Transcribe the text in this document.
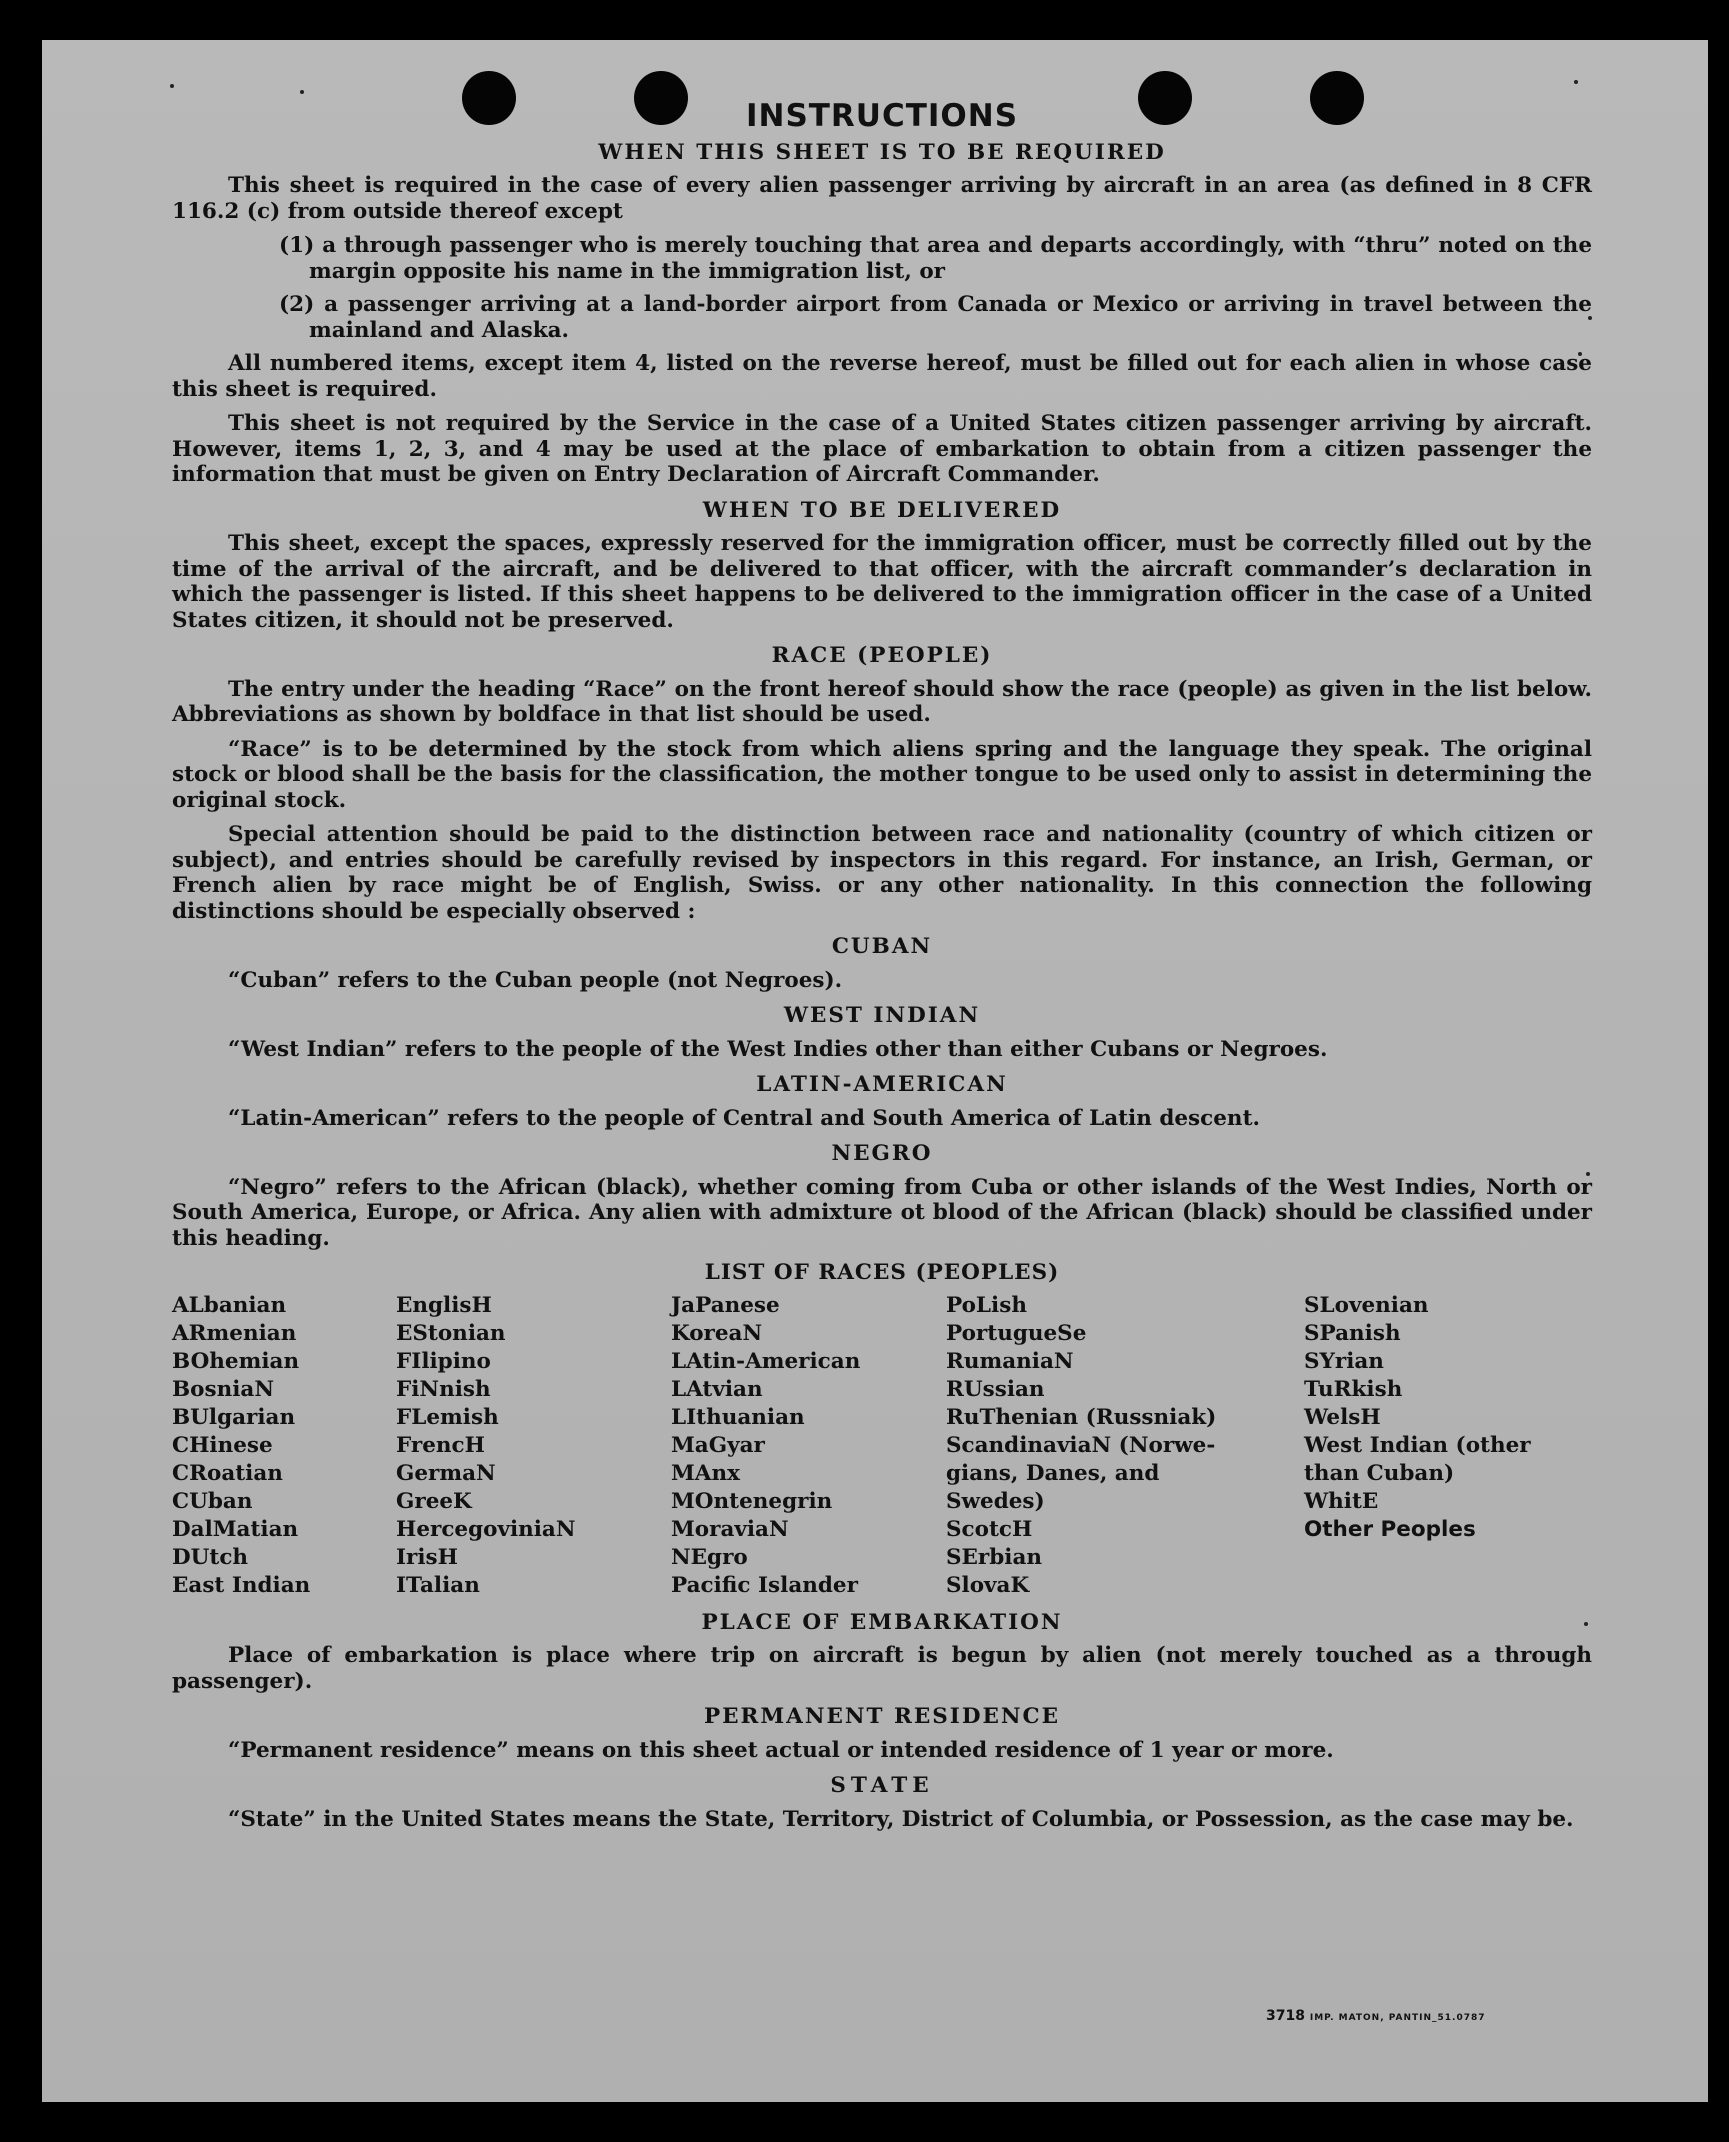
INSTRUCTIONS
WHEN THIS SHEET IS TO BE REQUIRED

This sheet is required in the case of every alien passenger arriving by aircraft in an area (as defined in 8 CFR 116.2 (c) from outside thereof except

(1) a through passenger who is merely touching that area and departs accordingly, with “thru” noted on the margin opposite his name in the immigration list, or
(2) a passenger arriving at a land-border airport from Canada or Mexico or arriving in travel between the mainland and Alaska.

All numbered items, except item 4, listed on the reverse hereof, must be filled out for each alien in whose case this sheet is required.

This sheet is not required by the Service in the case of a United States citizen passenger arriving by aircraft. However, items 1, 2, 3, and 4 may be used at the place of embarkation to obtain from a citizen passenger the information that must be given on Entry Declaration of Aircraft Commander.

WHEN TO BE DELIVERED

This sheet, except the spaces, expressly reserved for the immigration officer, must be correctly filled out by the time of the arrival of the aircraft, and be delivered to that officer, with the aircraft commander’s declaration in which the passenger is listed. If this sheet happens to be delivered to the immigration officer in the case of a United States citizen, it should not be preserved.

RACE (PEOPLE)

The entry under the heading “Race” on the front hereof should show the race (people) as given in the list below. Abbreviations as shown by boldface in that list should be used.

“Race” is to be determined by the stock from which aliens spring and the language they speak. The original stock or blood shall be the basis for the classification, the mother tongue to be used only to assist in determining the original stock.

Special attention should be paid to the distinction between race and nationality (country of which citizen or subject), and entries should be carefully revised by inspectors in this regard. For instance, an Irish, German, or French alien by race might be of English, Swiss. or any other nationality. In this connection the following distinctions should be especially observed :

CUBAN

“Cuban” refers to the Cuban people (not Negroes).

WEST INDIAN

“West Indian” refers to the people of the West Indies other than either Cubans or Negroes.

LATIN-AMERICAN

“Latin-American” refers to the people of Central and South America of Latin descent.

NEGRO

“Negro” refers to the African (black), whether coming from Cuba or other islands of the West Indies, North or South America, Europe, or Africa. Any alien with admixture ot blood of the African (black) should be classified under this heading.

LIST OF RACES (PEOPLES)
ALbanian
ARmenian
BOhemian
BosniaN
BUlgarian
CHinese
CRoatian
CUban
DalMatian
DUtch
East Indian
EnglisH
EStonian
FIlipino
FiNnish
FLemish
FrencH
GermaN
GreeK
HercegoviniaN
IrisH
ITalian
JaPanese
KoreaN
LAtin-American
LAtvian
LIthuanian
MaGyar
MAnx
MOntenegrin
MoraviaN
NEgro
Pacific Islander
PoLish
PortugueSe
RumaniaN
RUssian
RuThenian (Russniak)
ScandinaviaN (Norwe-
gians, Danes, and
Swedes)
ScotcH
SErbian
SlovaK
SLovenian
SPanish
SYrian
TuRkish
WelsH
West Indian (other
than Cuban)
WhitE
Other Peoples
PLACE OF EMBARKATION

Place of embarkation is place where trip on aircraft is begun by alien (not merely touched as a through passenger).

PERMANENT RESIDENCE

“Permanent residence” means on this sheet actual or intended residence of 1 year or more.

STATE

“State” in the United States means the State, Territory, District of Columbia, or Possession, as the case may be.

3718 IMP. MATON, PANTIN_51.0787
